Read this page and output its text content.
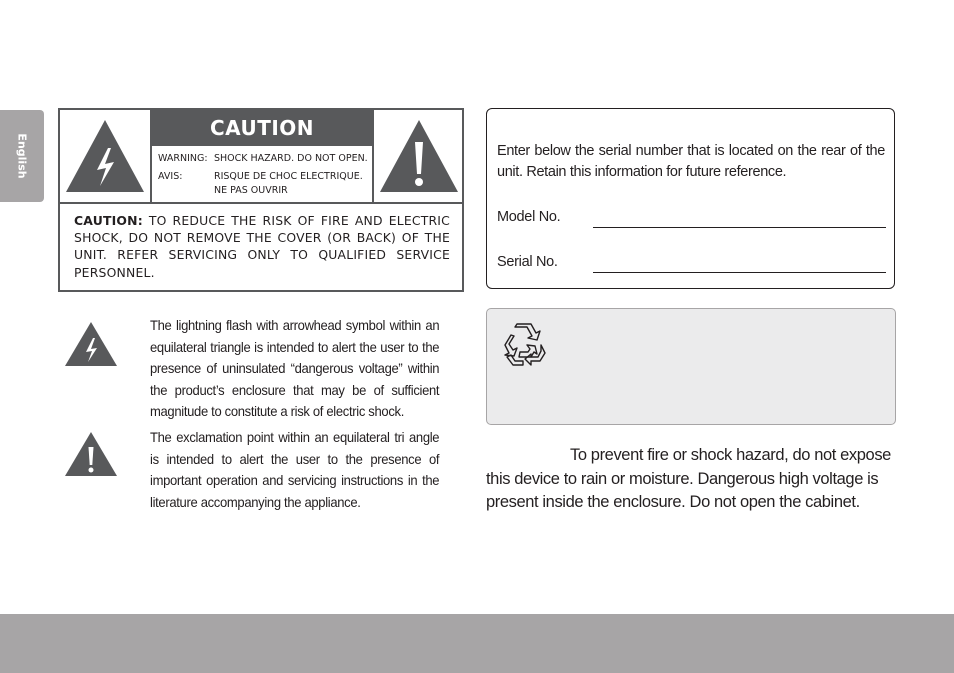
English
CAUTION
WARNING: SHOCK HAZARD. DO NOT OPEN.
AVIS:	RISQUE DE CHOC ELECTRIQUE.
NE PAS OUVRIR
CAUTION: TO REDUCE THE RISK OF FIRE AND ELECTRIC SHOCK, DO NOT REMOVE THE COVER (OR BACK) OF THE UNIT. REFER SERVICING ONLY TO QUALIFIED SERVICE PERSONNEL.
The lightning flash with arrowhead symbol within an equilateral triangle is intended to alert the user to the presence of uninsulated “dangerous voltage” within the product’s enclosure that may be of sufficient magnitude to constitute a risk of electric shock.
The exclamation point within an equilateral tri angle is intended to alert the user to the presence of important operation and servicing instructions in the literature accompanying the appliance.
Enter below the serial number that is located on the rear of the unit. Retain this information for future reference.
Model No.
Serial No.
To prevent fire or shock hazard, do not expose this device to rain or moisture. Dangerous high voltage is present inside the enclosure. Do not open the cabinet.
